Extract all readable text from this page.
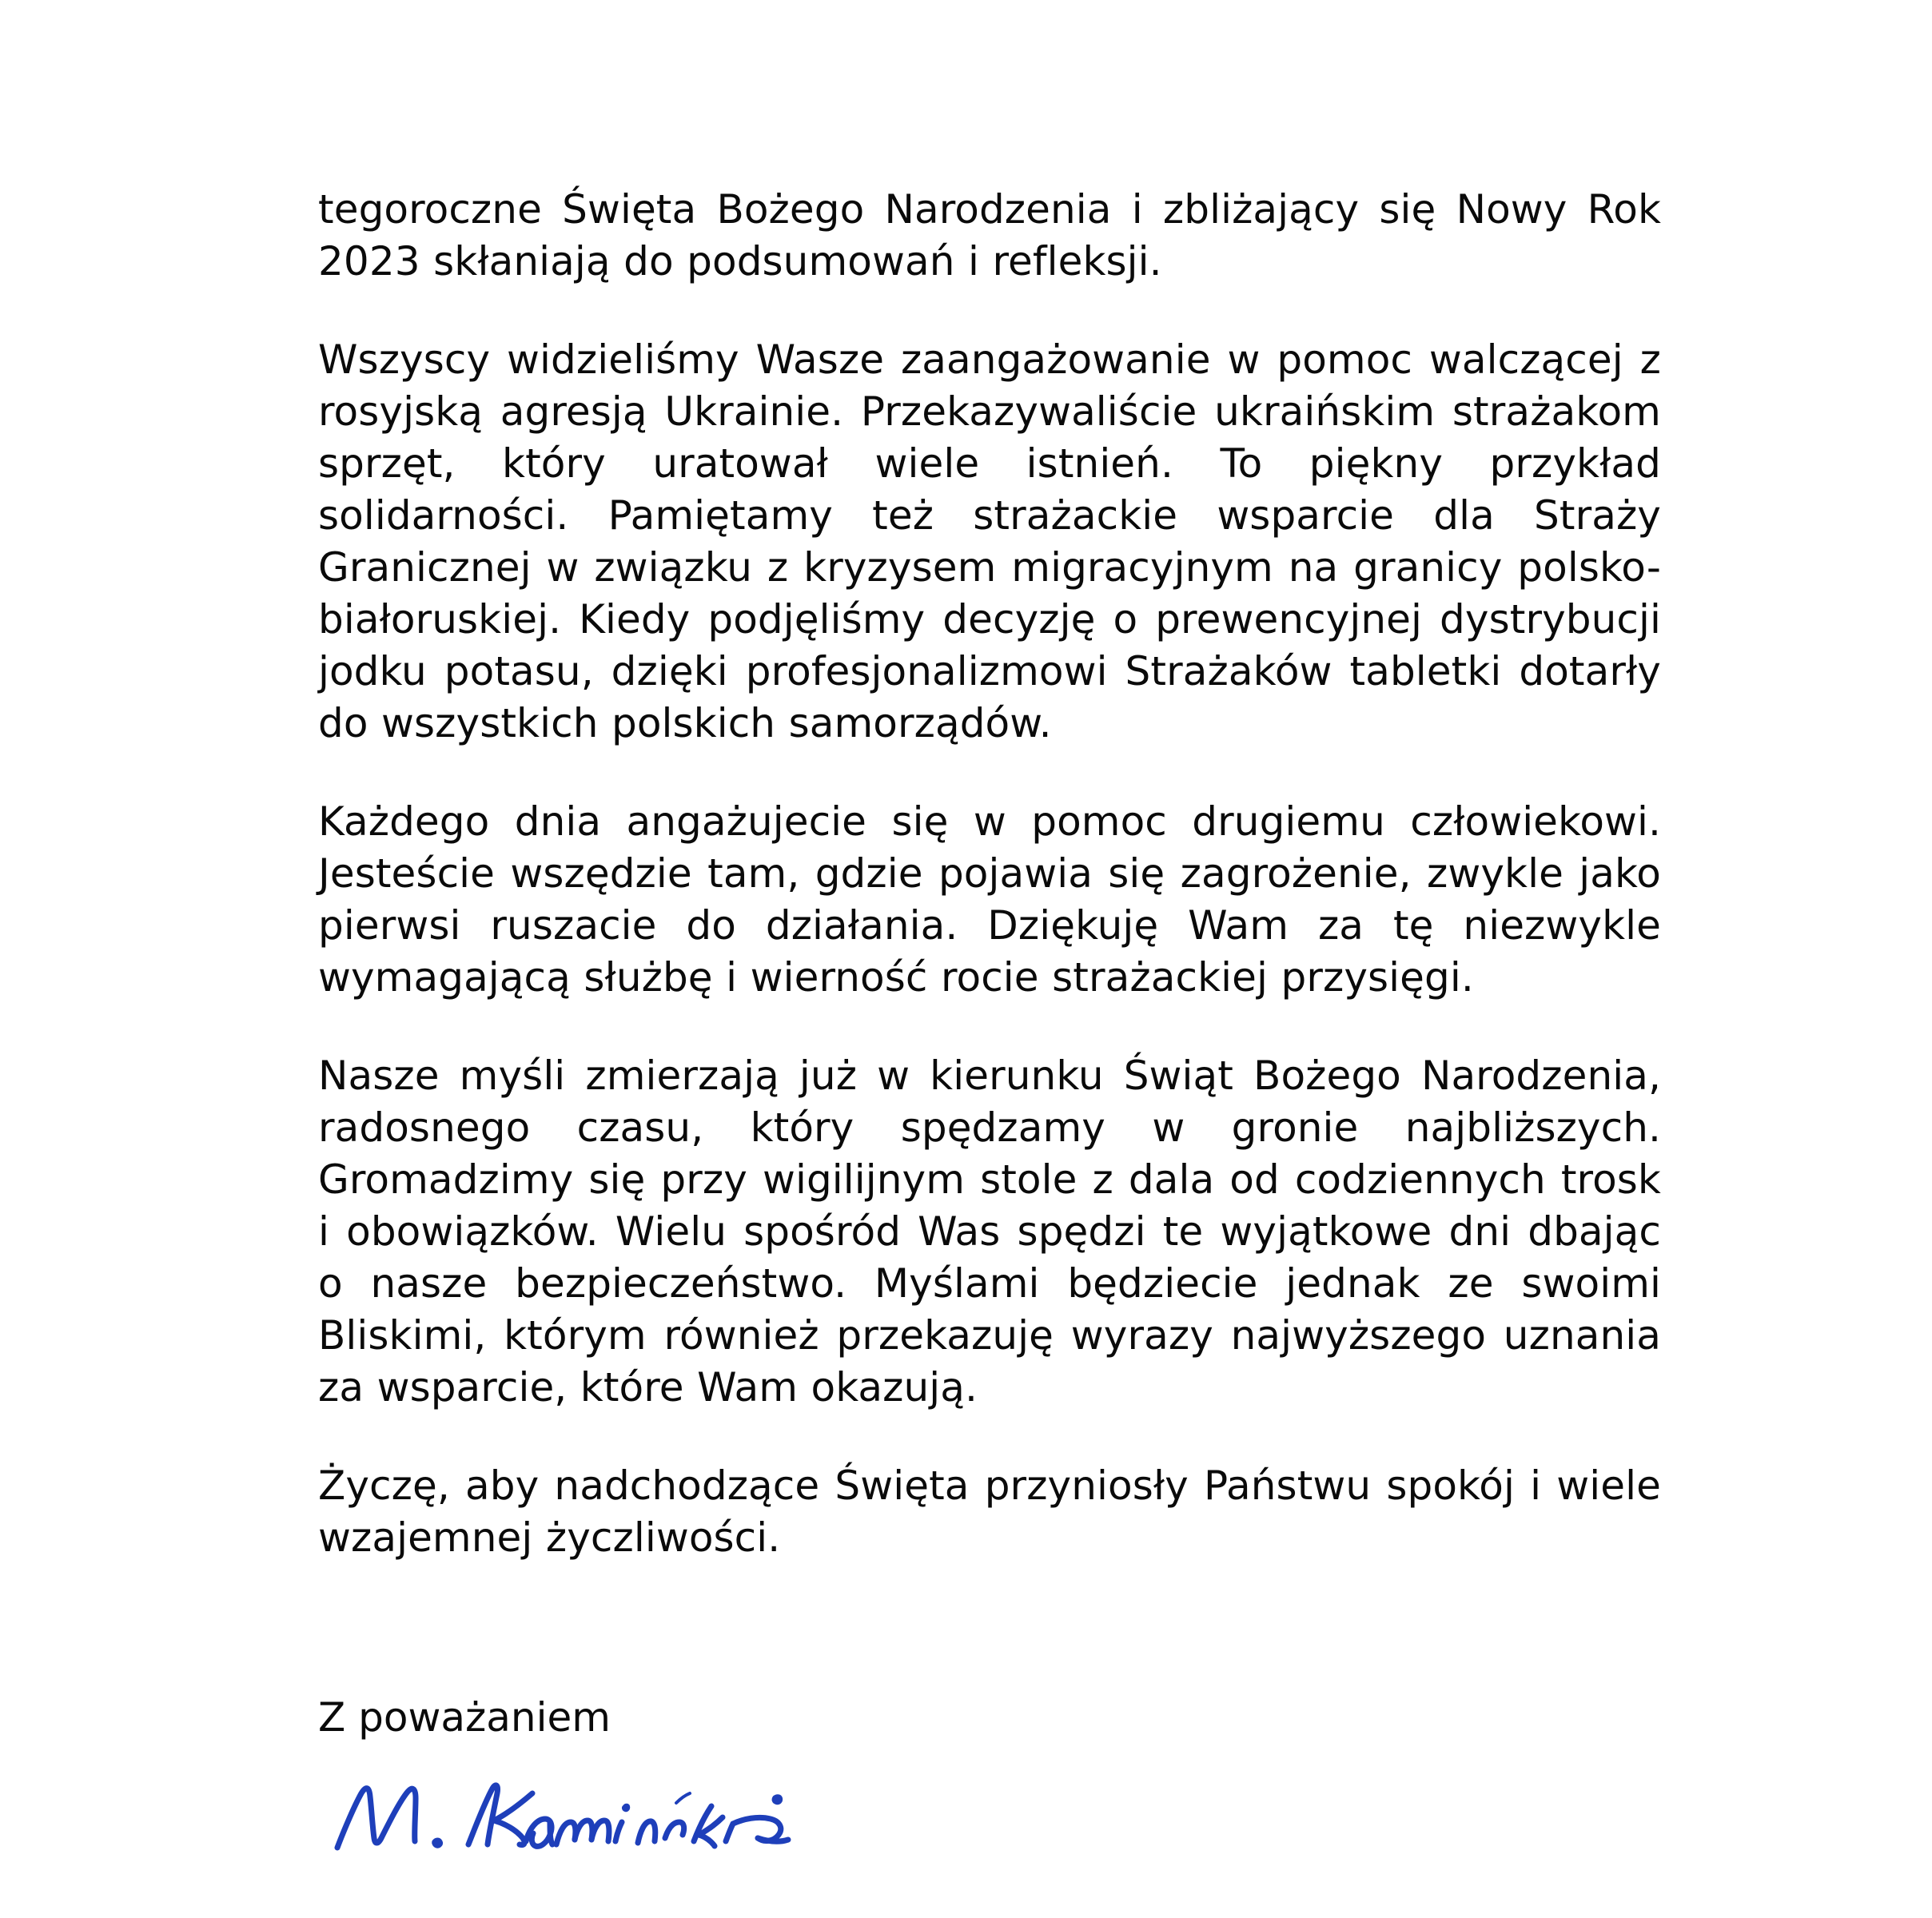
tegoroczne Święta Bożego Narodzenia i zbliżający się Nowy Rok 2023 skłaniają do podsumowań i refleksji.

Wszyscy widzieliśmy Wasze zaangażowanie w pomoc walczącej z rosyjską agresją Ukrainie. Przekazywaliście ukraińskim strażakom sprzęt, który uratował wiele istnień. To piękny przykład solidarności. Pamiętamy też strażackie wsparcie dla Straży Granicznej w związku z kryzysem migracyjnym na granicy polsko-białoruskiej. Kiedy podjęliśmy decyzję o prewencyjnej dystrybucji jodku potasu, dzięki profesjonalizmowi Strażaków tabletki dotarły do wszystkich polskich samorządów.

Każdego dnia angażujecie się w pomoc drugiemu człowiekowi. Jesteście wszędzie tam, gdzie pojawia się zagrożenie, zwykle jako pierwsi ruszacie do działania. Dziękuję Wam za tę niezwykle wymagającą służbę i wierność rocie strażackiej przysięgi.

Nasze myśli zmierzają już w kierunku Świąt Bożego Narodzenia, radosnego czasu, który spędzamy w gronie najbliższych. Gromadzimy się przy wigilijnym stole z dala od codziennych trosk i obowiązków. Wielu spośród Was spędzi te wyjątkowe dni dbając o nasze bezpieczeństwo. Myślami będziecie jednak ze swoimi Bliskimi, którym również przekazuję wyrazy najwyższego uznania za wsparcie, które Wam okazują.

Życzę, aby nadchodzące Święta przyniosły Państwu spokój i wiele wzajemnej życzliwości.

Z poważaniem
